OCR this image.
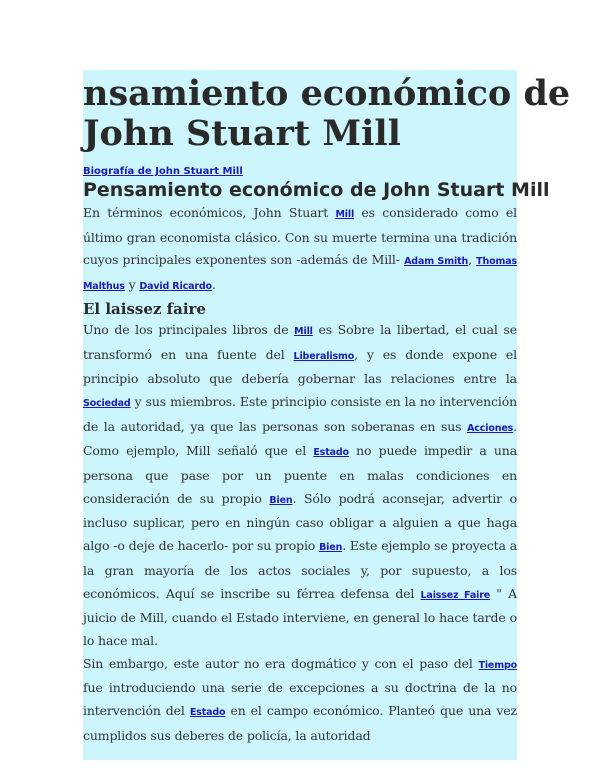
nsamiento económico de
John Stuart Mill
Biografía de John Stuart Mill
Pensamiento económico de John Stuart Mill

En términos económicos, John Stuart Mill es considerado como el último gran economista clásico. Con su muerte termina una tradición cuyos principales exponentes son -además de Mill- Adam Smith, Thomas Malthus y David Ricardo.

El laissez faire

Uno de los principales libros de Mill es Sobre la libertad, el cual se transformó en una fuente del Liberalismo, y es donde expone el principio absoluto que debería gobernar las relaciones entre la Sociedad y sus miembros. Este principio consiste en la no intervención de la autoridad, ya que las personas son soberanas en sus Acciones. Como ejemplo, Mill señaló que el Estado no puede impedir a una persona que pase por un puente en malas condiciones en consideración de su propio Bien. Sólo podrá aconsejar, advertir o incluso suplicar, pero en ningún caso obligar a alguien a que haga algo -o deje de hacerlo- por su propio Bien. Este ejemplo se proyecta a la gran mayoría de los actos sociales y, por supuesto, a los económicos. Aquí se inscribe su férrea defensa del Laissez Faire " A juicio de Mill, cuando el Estado interviene, en general lo hace tarde o lo hace mal.

Sin embargo, este autor no era dogmático y con el paso del Tiempo fue introduciendo una serie de excepciones a su doctrina de la no intervención del Estado en el campo económico. Planteó que una vez cumplidos sus deberes de policía, la autoridad
